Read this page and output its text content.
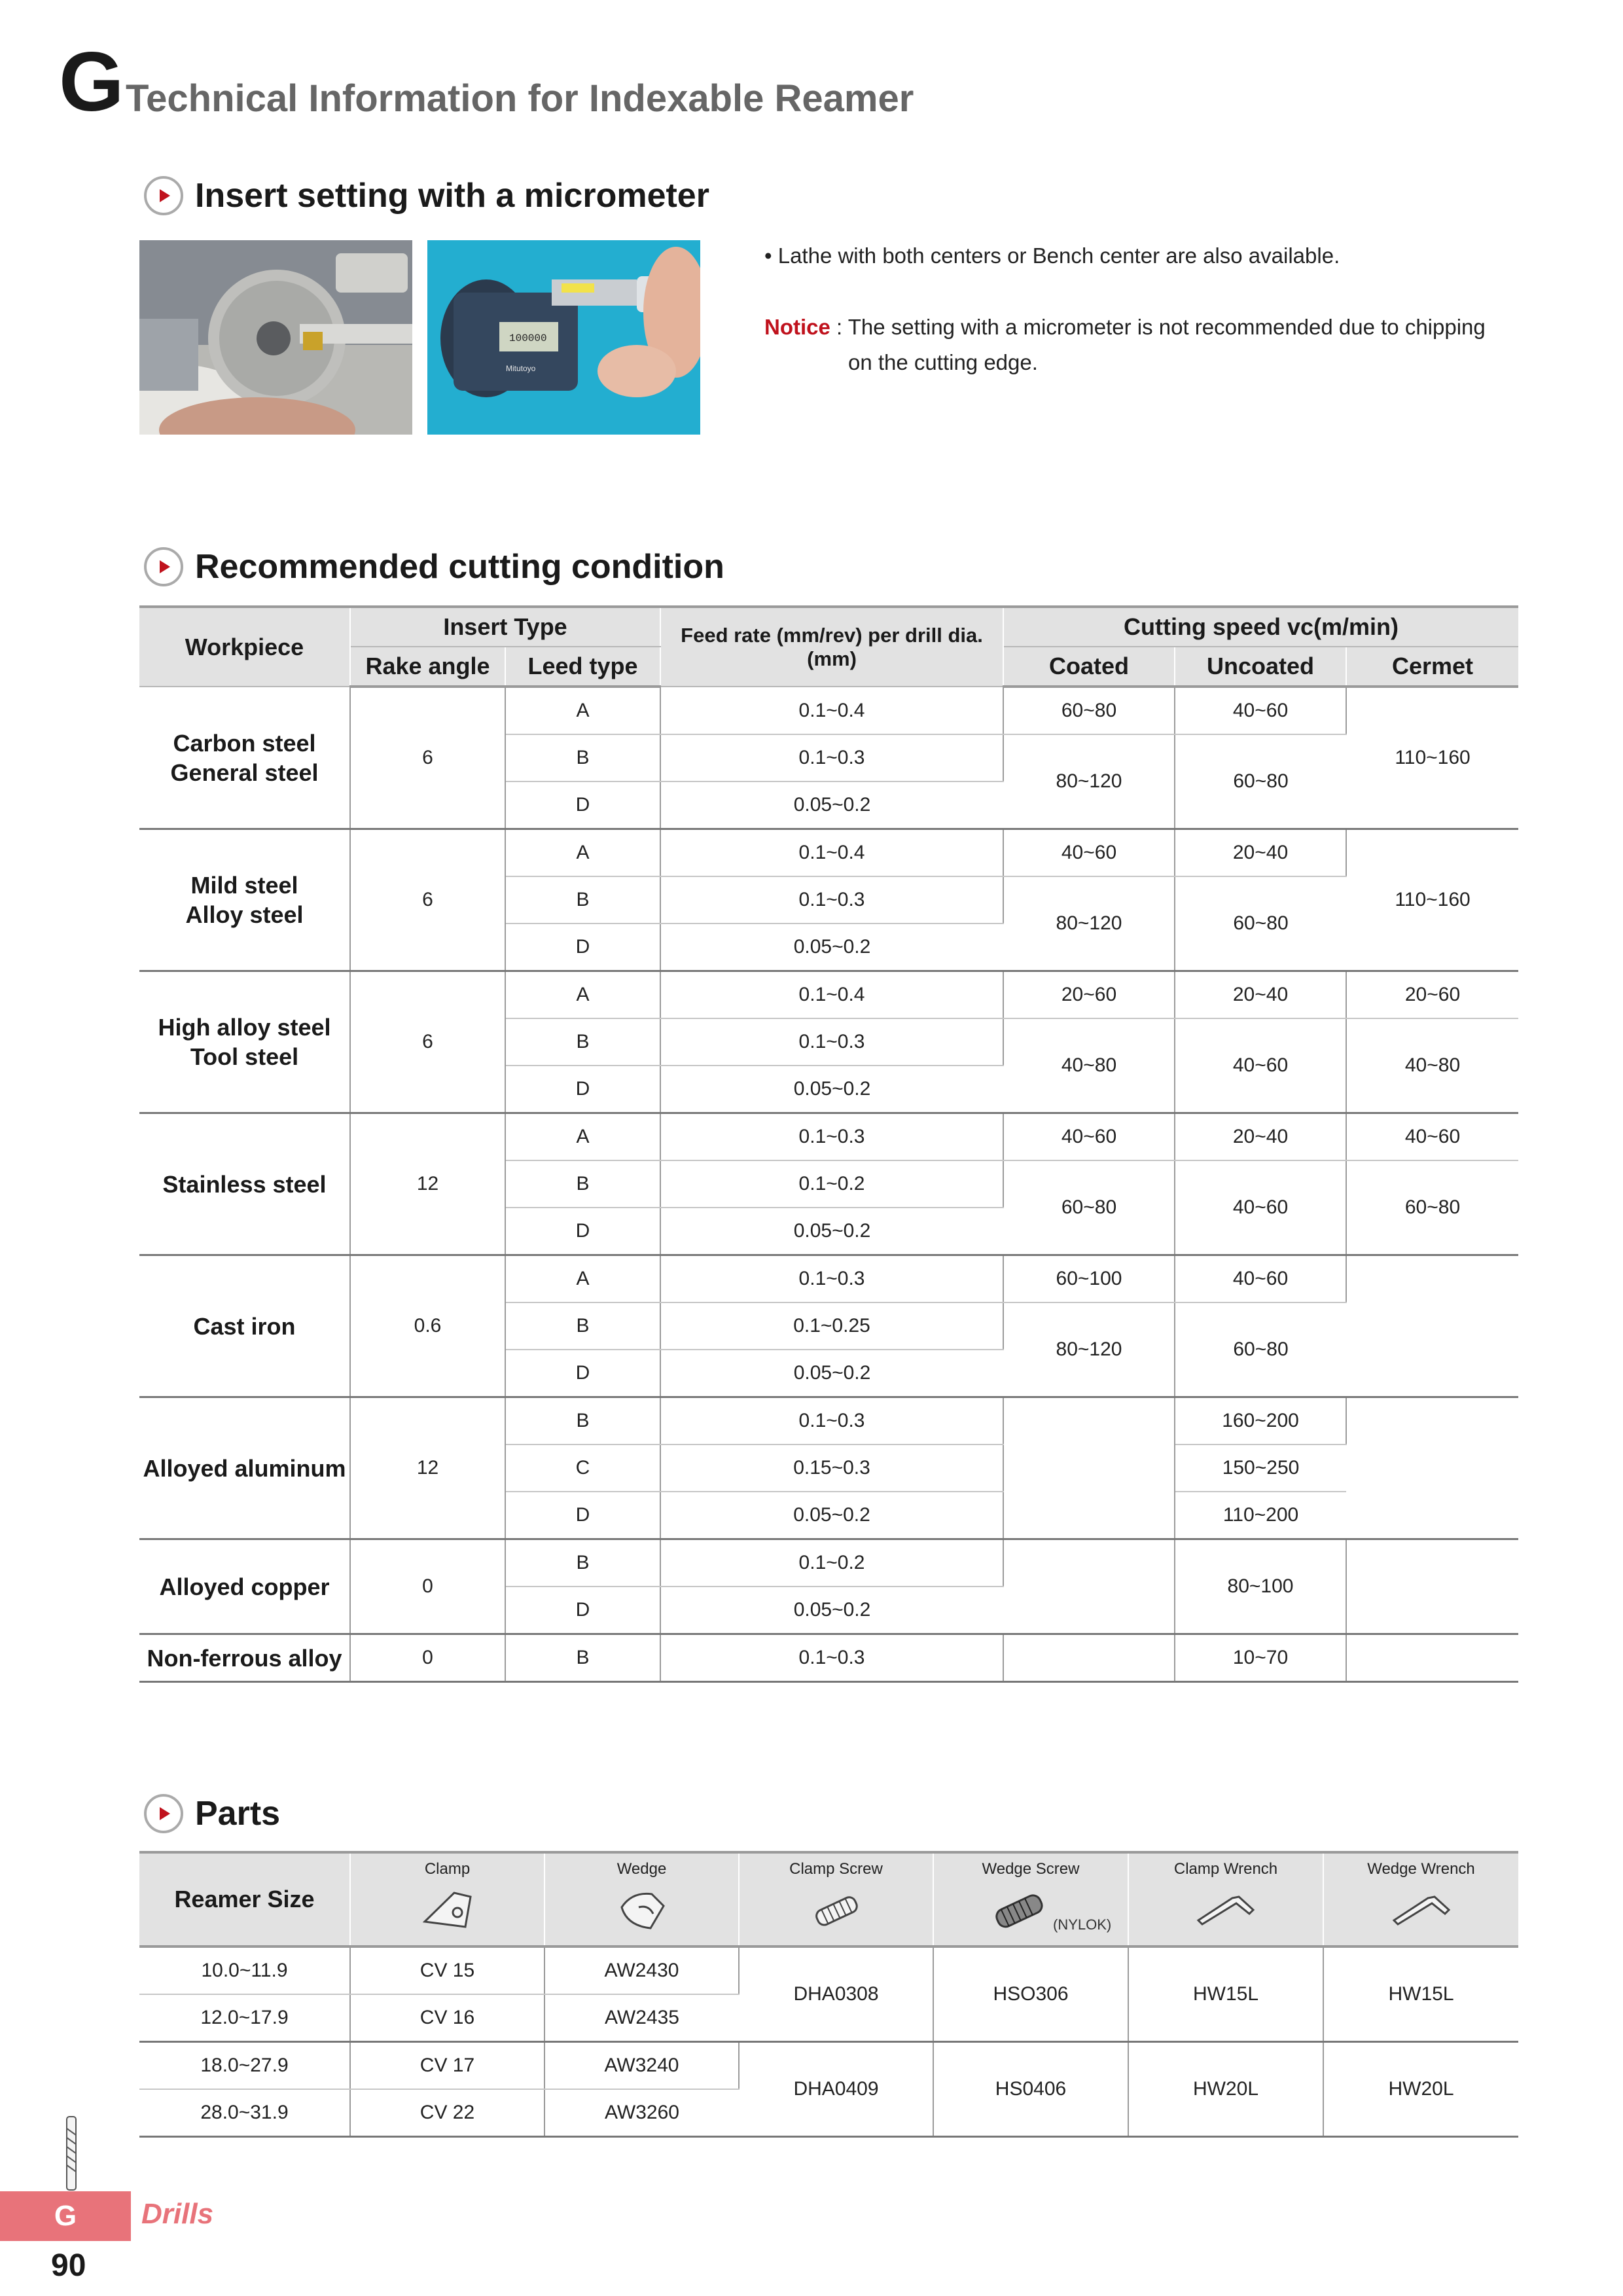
G Technical Information for Indexable Reamer
Insert setting with a micrometer
100000
Mitutoyo
• Lathe with both centers or Bench center are also available.
Notice : The setting with a micrometer is not recommended due to chipping
on the cutting edge.
Recommended cutting condition
Workpiece	Insert Type		Feed rate (mm/rev) per drill dia.(mm)	Cutting speed vc(m/min)		
	Rake angle	Leed type		Coated	Uncoated	Cermet

Carbon steel
General steel	6	A	0.1~0.4	60~80	40~60	110~160
		B	0.1~0.3	80~120	60~80	
		D	0.05~0.2			

Mild steel
Alloy steel	6	A	0.1~0.4	40~60	20~40	110~160
		B	0.1~0.3	80~120	60~80	
		D	0.05~0.2			

High alloy steel
Tool steel	6	A	0.1~0.4	20~60	20~40	20~60
		B	0.1~0.3	40~80	40~60	40~80
		D	0.05~0.2			
Stainless steel	12	A	0.1~0.3	40~60	20~40	40~60
		B	0.1~0.2	60~80	40~60	60~80
		D	0.05~0.2			
Cast iron	0.6	A	0.1~0.3	60~100	40~60	
		B	0.1~0.25	80~120	60~80	
		D	0.05~0.2			
Alloyed aluminum	12	B	0.1~0.3		160~200	
		C	0.15~0.3		150~250	
		D	0.05~0.2		110~200	
Alloyed copper	0	B	0.1~0.2		80~100	
		D	0.05~0.2			
Non-ferrous alloy	0	B	0.1~0.3		10~70	
Parts
Reamer Size	Clamp	Wedge	Clamp Screw	Wedge Screw
(NYLOK)	Clamp Wrench	Wedge Wrench

10.0~11.9	CV 15	AW2430	DHA0308	HSO306	HW15L	HW15L
12.0~17.9	CV 16	AW2435				
18.0~27.9	CV 17	AW3240	DHA0409	HS0406	HW20L	HW20L
28.0~31.9	CV 22	AW3260				
G	Drills
90
